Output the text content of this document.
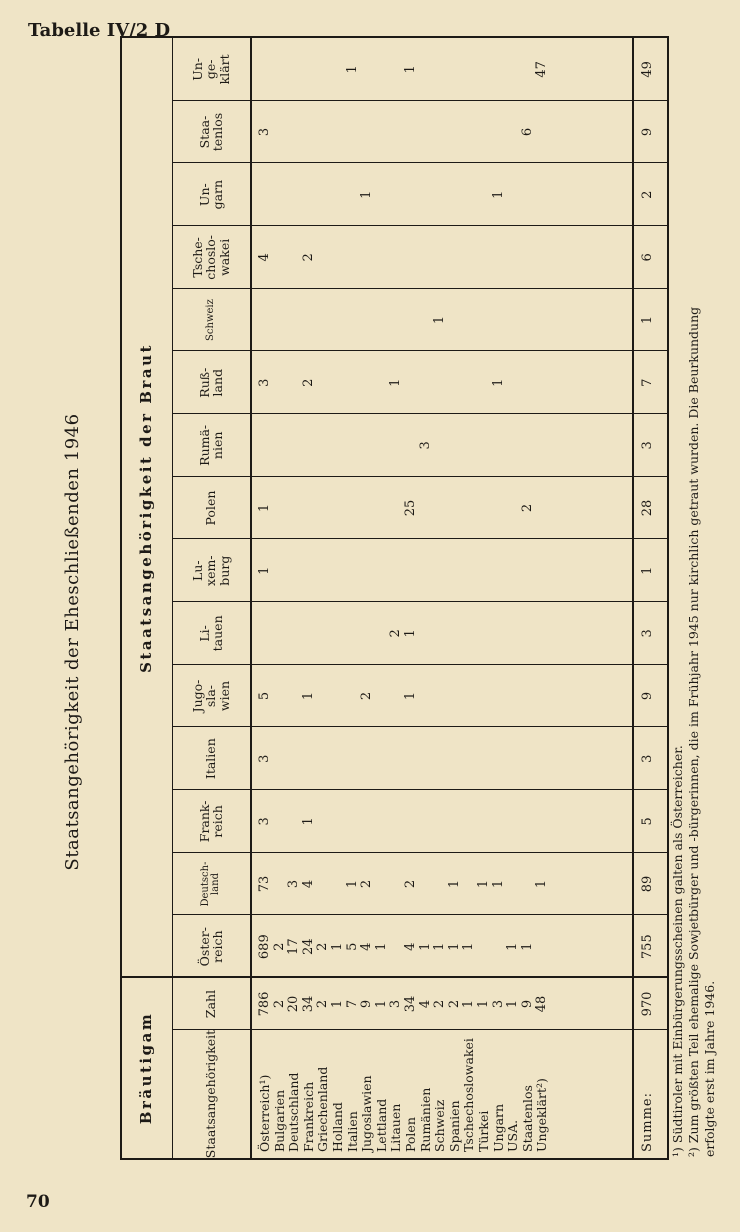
Tabelle IV/2 D
70
Staatsangehörigkeit der Eheschließenden 1946
Bräutigam
Staatsangehörigkeit der Braut
Staatsangehörigkeit
Zahl
Summe:
Öster-
reich
Deutsch-
land
Frank-
reich
Italien
Jugo-
sla-
wien
Li-
tauen
Lu-
xem-
burg
Polen
Rumä-
nien
Ruß-
land
Schweiz
Tsche-
choslo-
wakei
Un-
garn
Staa-
tenlos
Un-
ge-
klärt
Österreich¹)
786
689
73
3
3
5
1
1
3
4
3
Bulgarien
2
2
Deutschland
20
17
3
Frankreich
34
24
4
1
1
2
2
Griechenland
2
2
Holland
1
1
Italien
7
5
1
1
Jugoslawien
9
4
2
2
1
Lettland
1
1
Litauen
3
2
1
Polen
34
4
2
1
1
25
1
Rumänien
4
1
3
Schweiz
2
1
1
Spanien
2
1
1
Tschechoslowakei
1
1
Türkei
1
1
Ungarn
3
1
1
1
USA.
1
1
Staatenlos
9
1
2
6
Ungeklärt²)
48
1
47
970
755
89
5
3
9
3
1
28
3
7
1
6
2
9
49
¹) Südtiroler mit Einbürgerungsscheinen galten als Österreicher. ²) Zum größten Teil ehemalige Sowjetbürger und -bürgerinnen, die im Frühjahr 1945 nur kirchlich getraut wurden. Die Beurkundung erfolgte erst im Jahre 1946.
